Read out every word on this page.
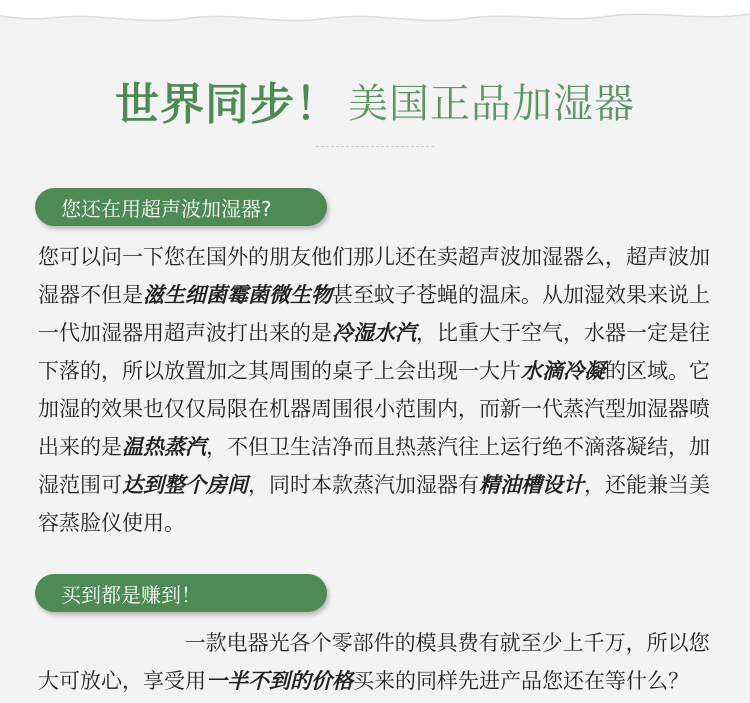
世界同步！ 美国正品加湿器
您还在用超声波加湿器?
您可以问一下您在国外的朋友他们那儿还在卖超声波加湿器么，超声波加湿器不但是滋生细菌霉菌微生物甚至蚊子苍蝇的温床。从加湿效果来说上一代加湿器用超声波打出来的是冷湿水汽，比重大于空气，水器一定是往下落的，所以放置加之其周围的桌子上会出现一大片水滴冷凝的区域。它加湿的效果也仅仅局限在机器周围很小范围内，而新一代蒸汽型加湿器喷出来的是温热蒸汽，不但卫生洁净而且热蒸汽往上运行绝不滴落凝结，加湿范围可达到整个房间，同时本款蒸汽加湿器有精油槽设计，还能兼当美容蒸脸仪使用。
买到都是赚到！
一款电器光各个零部件的模具费有就至少上千万，所以您大可放心，享受用一半不到的价格买来的同样先进产品您还在等什么？
